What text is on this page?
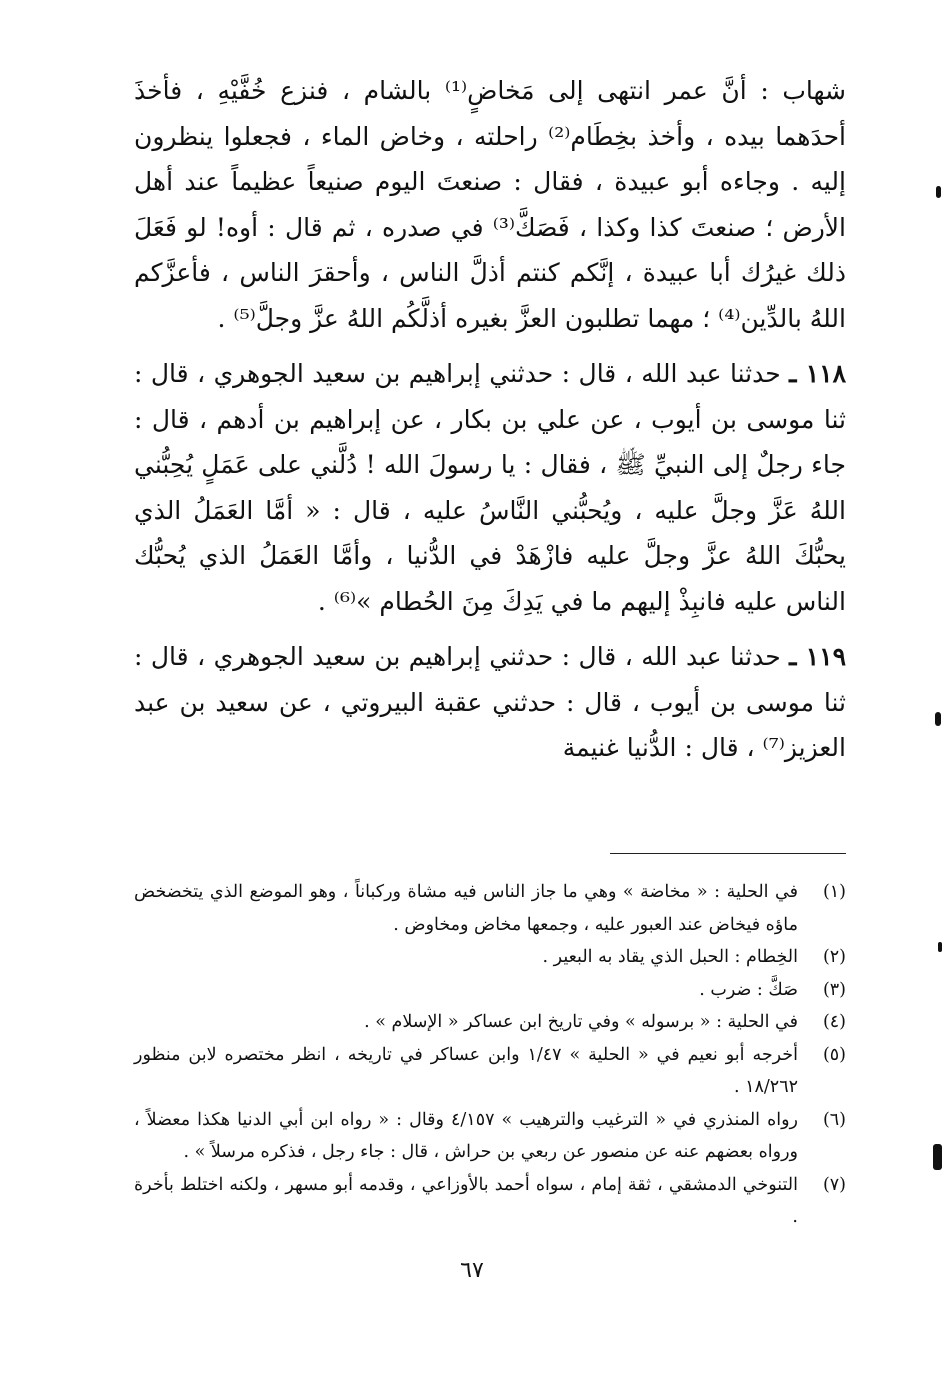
شهاب : أنَّ عمر انتهى إلى مَخاضٍ⁽¹⁾ بالشام ، فنزع خُفَّيْهِ ، فأخذَ أحدَهما بيده ، وأخذ بخِطَام⁽²⁾ راحلته ، وخاض الماء ، فجعلوا ينظرون إليه . وجاءه أبو عبيدة ، فقال : صنعتَ اليوم صنيعاً عظيماً عند أهل الأرض ؛ صنعتَ كذا وكذا ، فَصَكَّ⁽³⁾ في صدره ، ثم قال : أوه! لو فَعَلَ ذلك غيرُك أبا عبيدة ، إنَّكم كنتم أذلَّ الناس ، وأحقرَ الناس ، فأعزَّكم اللهُ بالدِّين⁽⁴⁾ ؛ مهما تطلبون العزَّ بغيره أذلَّكُم اللهُ عزَّ وجلَّ⁽⁵⁾ .

١١٨ ـ حدثنا عبد الله ، قال : حدثني إبراهيم بن سعيد الجوهري ، قال : ثنا موسى بن أيوب ، عن علي بن بكار ، عن إبراهيم بن أدهم ، قال : جاء رجلٌ إلى النبيِّ ﷺ ، فقال : يا رسولَ الله ! دُلَّني على عَمَلٍ يُحِبُّني اللهُ عَزَّ وجلَّ عليه ، ويُحبُّني النَّاسُ عليه ، قال : « أمَّا العَمَلُ الذي يحبُّكَ اللهُ عزَّ وجلَّ عليه فازْهَدْ في الدُّنيا ، وأمَّا العَمَلُ الذي يُحبُّك الناس عليه فانبِذْ إليهم ما في يَدِكَ مِنَ الحُطام »⁽⁶⁾ .

١١٩ ـ حدثنا عبد الله ، قال : حدثني إبراهيم بن سعيد الجوهري ، قال : ثنا موسى بن أيوب ، قال : حدثني عقبة البيروتي ، عن سعيد بن عبد العزيز⁽⁷⁾ ، قال : الدُّنيا غنيمة

(١)
في الحلية : « مخاضة » وهي ما جاز الناس فيه مشاة وركباناً ، وهو الموضع الذي يتخضخض ماؤه فيخاض عند العبور عليه ، وجمعها مخاض ومخاوض .
(٢)
الخِطام : الحبل الذي يقاد به البعير .
(٣)
صَكَّ : ضرب .
(٤)
في الحلية : « برسوله » وفي تاريخ ابن عساكر « الإسلام » .
(٥)
أخرجه أبو نعيم في « الحلية » ١/٤٧ وابن عساكر في تاريخه ، انظر مختصره لابن منظور ١٨/٢٦٢ .
(٦)
رواه المنذري في « الترغيب والترهيب » ٤/١٥٧ وقال : « رواه ابن أبي الدنيا هكذا معضلاً ، ورواه بعضهم عنه عن منصور عن ربعي بن حراش ، قال : جاء رجل ، فذكره مرسلاً » .
(٧)
التنوخي الدمشقي ، ثقة إمام ، سواه أحمد بالأوزاعي ، وقدمه أبو مسهر ، ولكنه اختلط بأخرة .
٦٧
